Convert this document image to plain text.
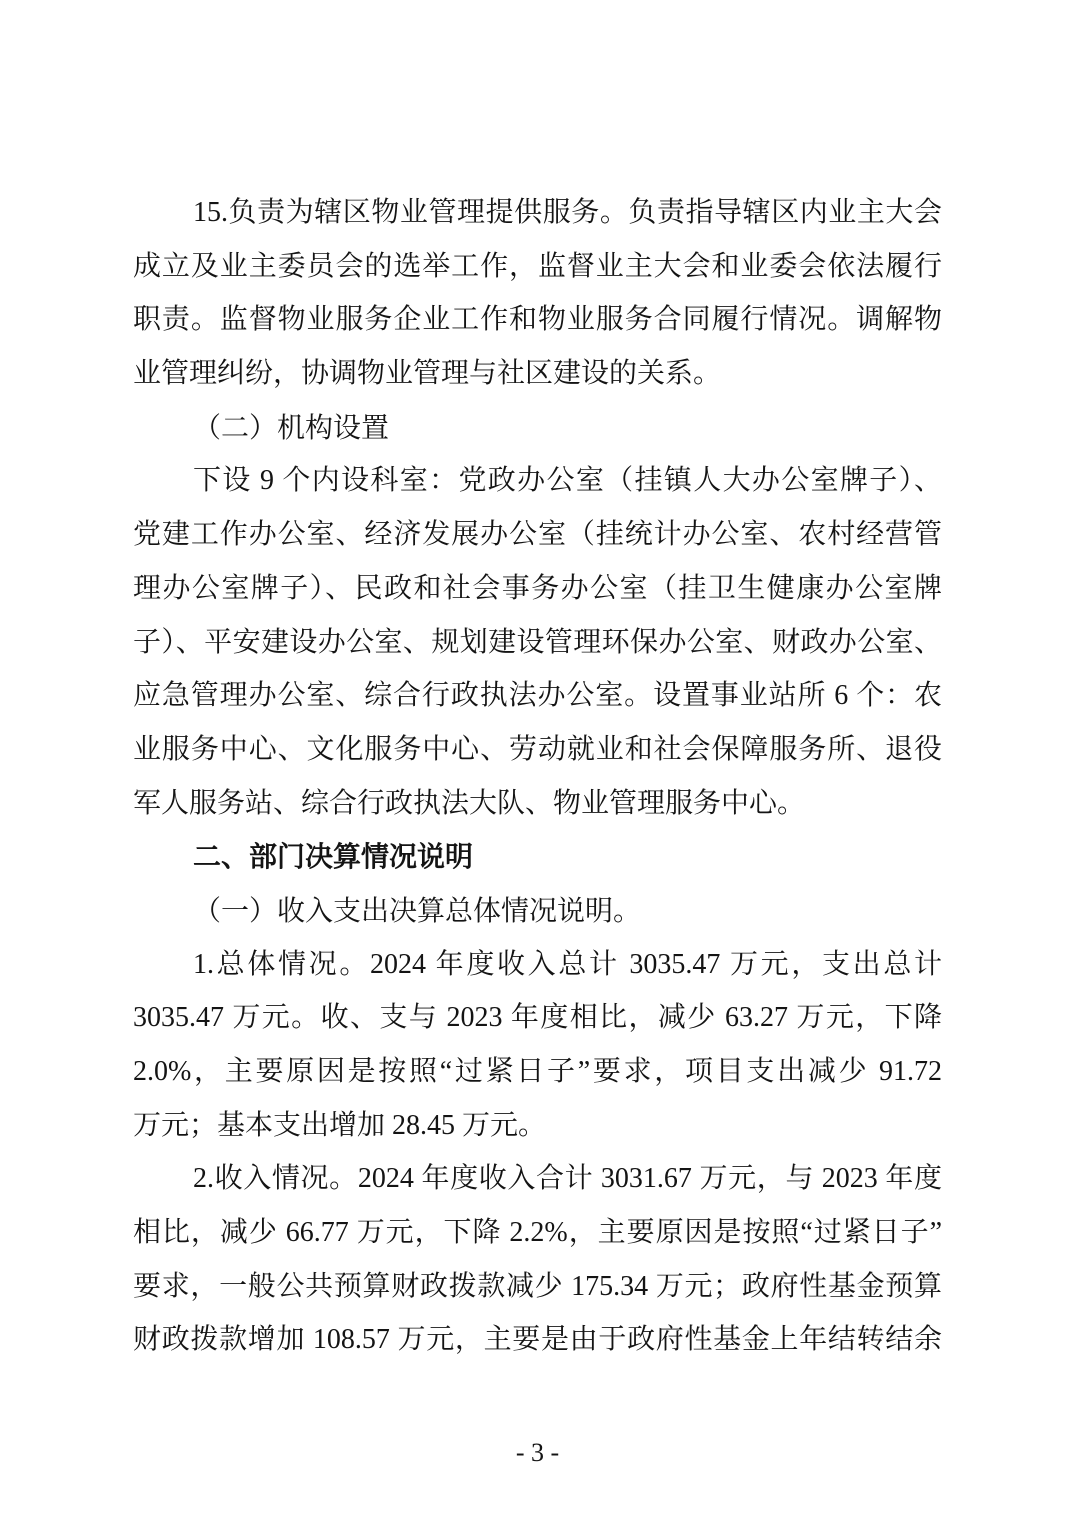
15.负责为辖区物业管理提供服务。负责指导辖区内业主大会
成立及业主委员会的选举工作，监督业主大会和业委会依法履行
职责。监督物业服务企业工作和物业服务合同履行情况。调解物
业管理纠纷，协调物业管理与社区建设的关系。
（二）机构设置
下设 9 个内设科室：党政办公室（挂镇人大办公室牌子）、
党建工作办公室、经济发展办公室（挂统计办公室、农村经营管
理办公室牌子）、民政和社会事务办公室（挂卫生健康办公室牌
子）、平安建设办公室、规划建设管理环保办公室、财政办公室、
应急管理办公室、综合行政执法办公室。设置事业站所 6 个：农
业服务中心、文化服务中心、劳动就业和社会保障服务所、退役
军人服务站、综合行政执法大队、物业管理服务中心。
二、部门决算情况说明
（一）收入支出决算总体情况说明。
1.总体情况。2024 年度收入总计 3035.47 万元，支出总计
3035.47 万元。收、支与 2023 年度相比，减少 63.27 万元，下降
2.0%，主要原因是按照“过紧日子”要求，项目支出减少 91.72
万元；基本支出增加 28.45 万元。
2.收入情况。2024 年度收入合计 3031.67 万元，与 2023 年度
相比，减少 66.77 万元，下降 2.2%，主要原因是按照“过紧日子”
要求，一般公共预算财政拨款减少 175.34 万元；政府性基金预算
财政拨款增加 108.57 万元，主要是由于政府性基金上年结转结余
- 3 -
